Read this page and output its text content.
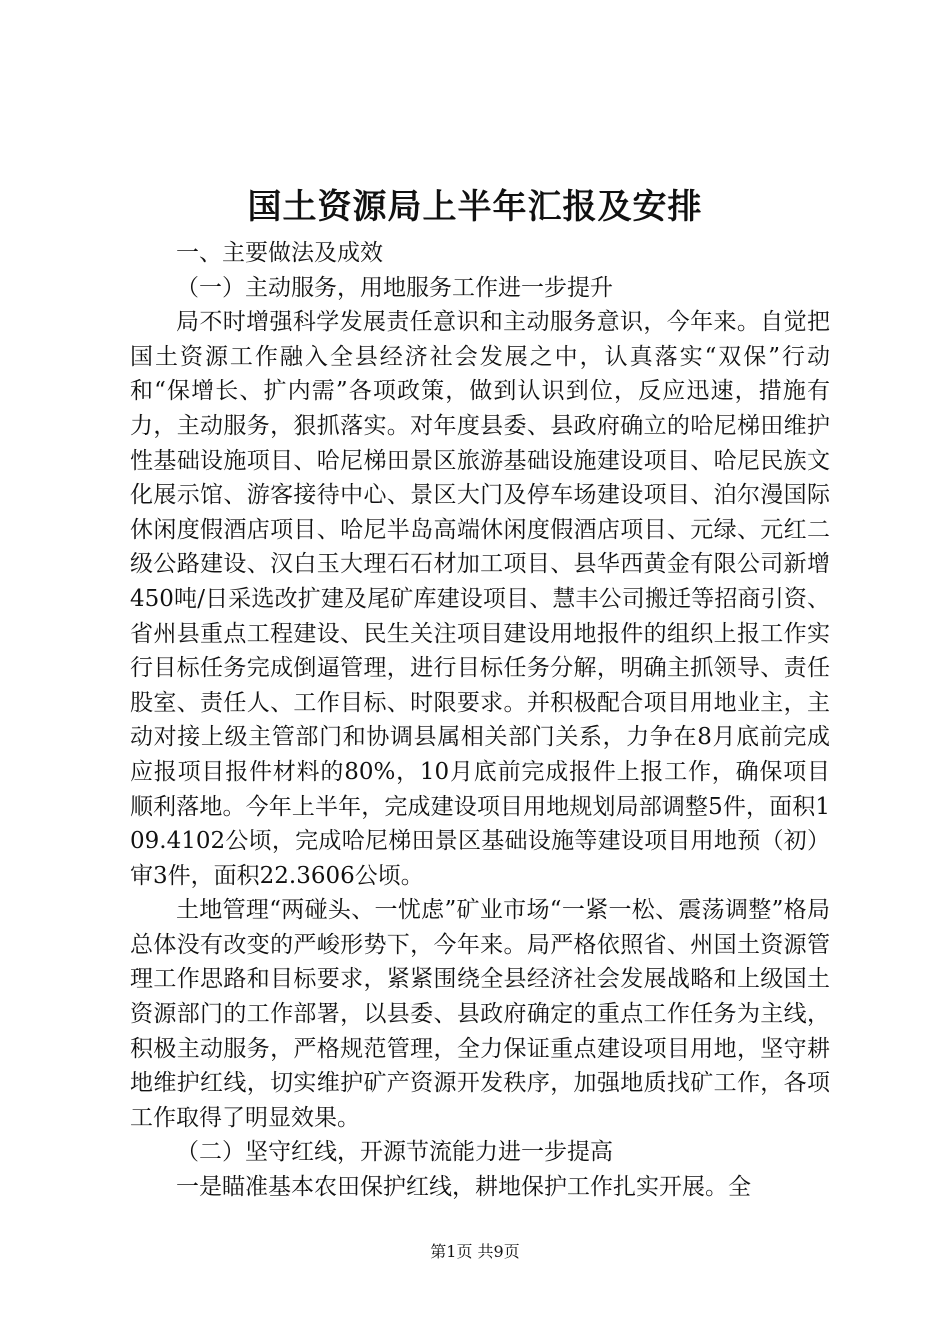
国土资源局上半年汇报及安排

一、主要做法及成效

（一）主动服务，用地服务工作进一步提升

局不时增强科学发展责任意识和主动服务意识，今年来。自觉把国土资源工作融入全县经济社会发展之中，认真落实“双保”行动和“保增长、扩内需”各项政策，做到认识到位，反应迅速，措施有力，主动服务，狠抓落实。对年度县委、县政府确立的哈尼梯田维护性基础设施项目、哈尼梯田景区旅游基础设施建设项目、哈尼民族文化展示馆、游客接待中心、景区大门及停车场建设项目、泊尔漫国际休闲度假酒店项目、哈尼半岛高端休闲度假酒店项目、元绿、元红二级公路建设、汉白玉大理石石材加工项目、县华西黄金有限公司新增450吨/日采选改扩建及尾矿库建设项目、慧丰公司搬迁等招商引资、省州县重点工程建设、民生关注项目建设用地报件的组织上报工作实行目标任务完成倒逼管理，进行目标任务分解，明确主抓领导、责任股室、责任人、工作目标、时限要求。并积极配合项目用地业主，主动对接上级主管部门和协调县属相关部门关系，力争在8月底前完成应报项目报件材料的80%，10月底前完成报件上报工作，确保项目顺利落地。今年上半年，完成建设项目用地规划局部调整5件，面积109.4102公顷，完成哈尼梯田景区基础设施等建设项目用地预（初）审3件，面积22.3606公顷。

土地管理“两碰头、一忧虑”矿业市场“一紧一松、震荡调整”格局总体没有改变的严峻形势下，今年来。局严格依照省、州国土资源管理工作思路和目标要求，紧紧围绕全县经济社会发展战略和上级国土资源部门的工作部署，以县委、县政府确定的重点工作任务为主线，积极主动服务，严格规范管理，全力保证重点建设项目用地，坚守耕地维护红线，切实维护矿产资源开发秩序，加强地质找矿工作，各项工作取得了明显效果。

（二）坚守红线，开源节流能力进一步提高

一是瞄准基本农田保护红线，耕地保护工作扎实开展。全

第1页 共9页
